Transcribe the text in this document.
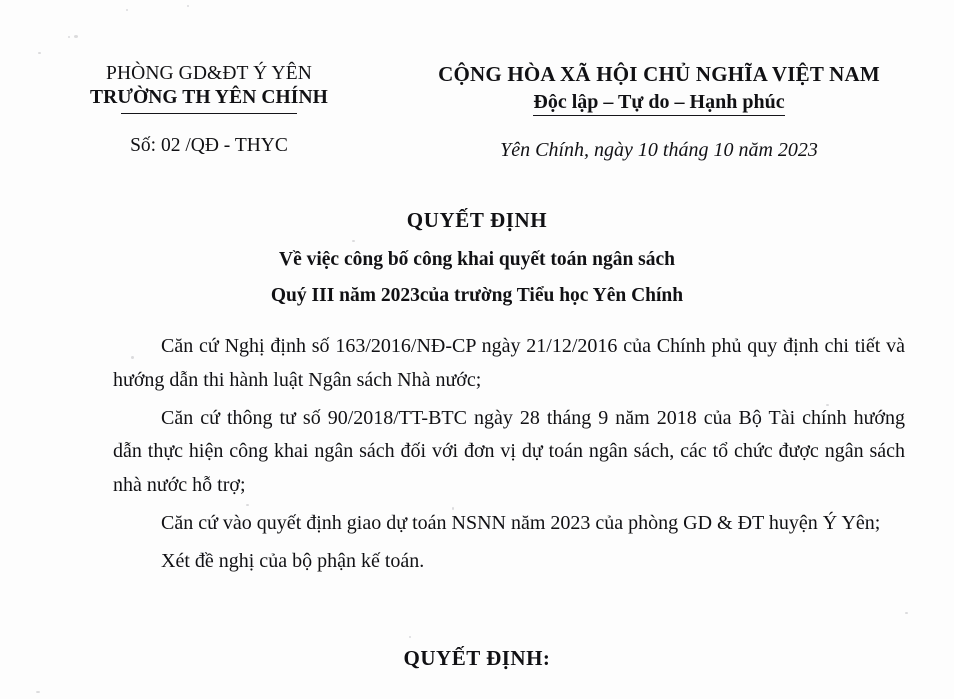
PHÒNG GD&ĐT Ý YÊN
TRƯỜNG TH YÊN CHÍNH
Số: 02 /QĐ - THYC
CỘNG HÒA XÃ HỘI CHỦ NGHĨA VIỆT NAM
Độc lập – Tự do – Hạnh phúc
Yên Chính, ngày 10 tháng 10 năm 2023
QUYẾT ĐỊNH
Về việc công bố công khai quyết toán ngân sách
Quý III năm 2023của trường Tiểu học Yên Chính

Căn cứ Nghị định số 163/2016/NĐ-CP ngày 21/12/2016 của Chính phủ quy định chi tiết và hướng dẫn thi hành luật Ngân sách Nhà nước;

Căn cứ thông tư số 90/2018/TT-BTC ngày 28 tháng 9 năm 2018 của Bộ Tài chính hướng dẫn thực hiện công khai ngân sách đối với đơn vị dự toán ngân sách, các tổ chức được ngân sách nhà nước hỗ trợ;

Căn cứ vào quyết định giao dự toán NSNN năm 2023 của phòng GD & ĐT huyện Ý Yên;

Xét đề nghị của bộ phận kế toán.

QUYẾT ĐỊNH:
